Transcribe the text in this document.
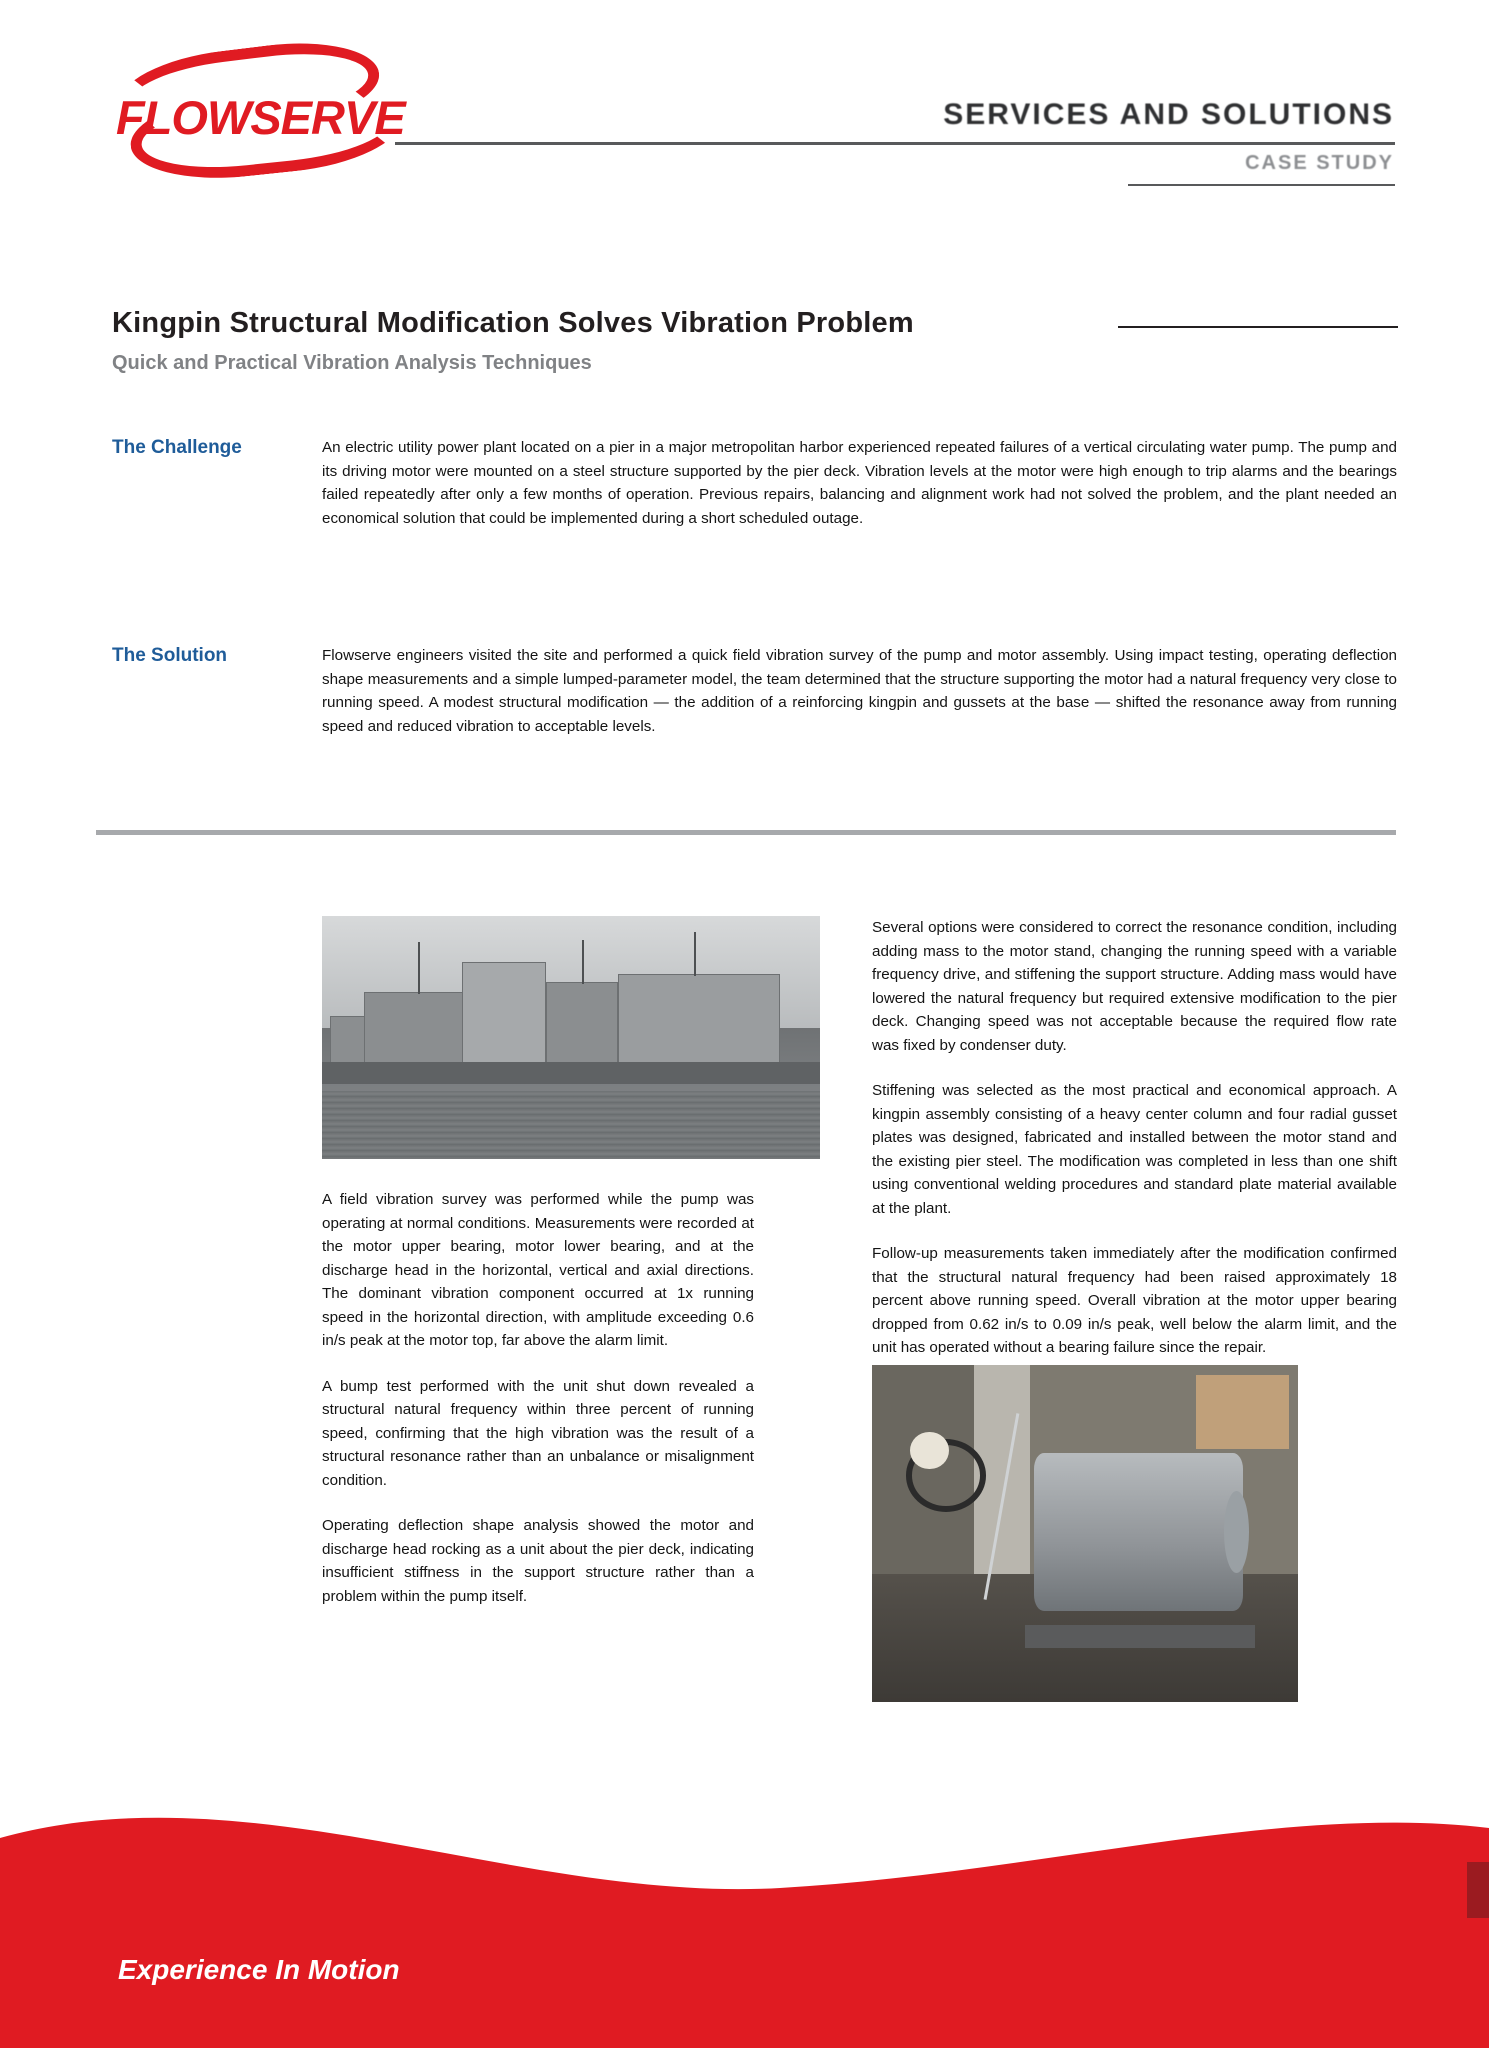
FLOWSERVE	SERVICES AND SOLUTIONS
CASE STUDY
Kingpin Structural Modification Solves Vibration Problem
Quick and Practical Vibration Analysis Techniques
The Challenge	An electric utility power plant located on a pier in a major metropolitan harbor experienced repeated failures of a vertical circulating water pump. The pump and its driving motor were mounted on a steel structure supported by the pier deck. Vibration levels at the motor were high enough to trip alarms and the bearings failed repeatedly after only a few months of operation. Previous repairs, balancing and alignment work had not solved the problem, and the plant needed an economical solution that could be implemented during a short scheduled outage.
The Solution	Flowserve engineers visited the site and performed a quick field vibration survey of the pump and motor assembly. Using impact testing, operating deflection shape measurements and a simple lumped-parameter model, the team determined that the structure supporting the motor had a natural frequency very close to running speed. A modest structural modification — the addition of a reinforcing kingpin and gussets at the base — shifted the resonance away from running speed and reduced vibration to acceptable levels.

A field vibration survey was performed while the pump was operating at normal conditions. Measurements were recorded at the motor upper bearing, motor lower bearing, and at the discharge head in the horizontal, vertical and axial directions. The dominant vibration component occurred at 1x running speed in the horizontal direction, with amplitude exceeding 0.6 in/s peak at the motor top, far above the alarm limit.

A bump test performed with the unit shut down revealed a structural natural frequency within three percent of running speed, confirming that the high vibration was the result of a structural resonance rather than an unbalance or misalignment condition.

Operating deflection shape analysis showed the motor and discharge head rocking as a unit about the pier deck, indicating insufficient stiffness in the support structure rather than a problem within the pump itself.

Several options were considered to correct the resonance condition, including adding mass to the motor stand, changing the running speed with a variable frequency drive, and stiffening the support structure. Adding mass would have lowered the natural frequency but required extensive modification to the pier deck. Changing speed was not acceptable because the required flow rate was fixed by condenser duty.

Stiffening was selected as the most practical and economical approach. A kingpin assembly consisting of a heavy center column and four radial gusset plates was designed, fabricated and installed between the motor stand and the existing pier steel. The modification was completed in less than one shift using conventional welding procedures and standard plate material available at the plant.

Follow-up measurements taken immediately after the modification confirmed that the structural natural frequency had been raised approximately 18 percent above running speed. Overall vibration at the motor upper bearing dropped from 0.62 in/s to 0.09 in/s peak, well below the alarm limit, and the unit has operated without a bearing failure since the repair.

Experience In Motion
